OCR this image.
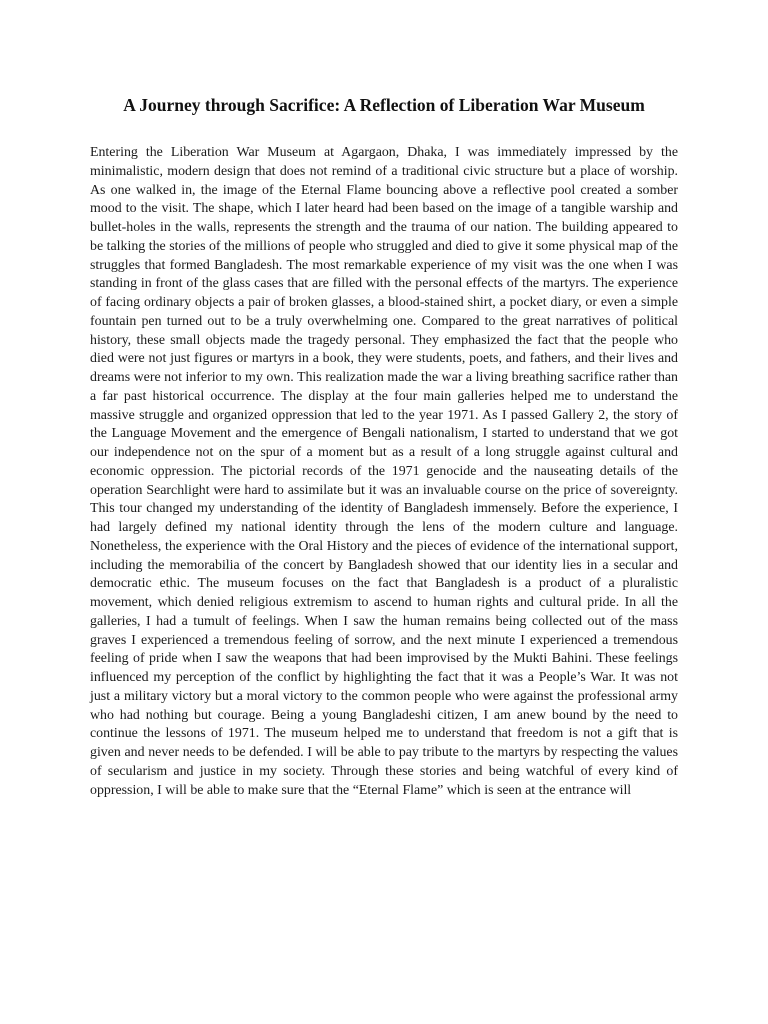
A Journey through Sacrifice: A Reflection of Liberation War Museum

Entering the Liberation War Museum at Agargaon, Dhaka, I was immediately impressed by the minimalistic, modern design that does not remind of a traditional civic structure but a place of worship. As one walked in, the image of the Eternal Flame bouncing above a reflective pool created a somber mood to the visit. The shape, which I later heard had been based on the image of a tangible warship and bullet-holes in the walls, represents the strength and the trauma of our nation. The building appeared to be talking the stories of the millions of people who struggled and died to give it some physical map of the struggles that formed Bangladesh. The most remarkable experience of my visit was the one when I was standing in front of the glass cases that are filled with the personal effects of the martyrs. The experience of facing ordinary objects a pair of broken glasses, a blood-stained shirt, a pocket diary, or even a simple fountain pen turned out to be a truly overwhelming one. Compared to the great narratives of political history, these small objects made the tragedy personal. They emphasized the fact that the people who died were not just figures or martyrs in a book, they were students, poets, and fathers, and their lives and dreams were not inferior to my own. This realization made the war a living breathing sacrifice rather than a far past historical occurrence. The display at the four main galleries helped me to understand the massive struggle and organized oppression that led to the year 1971. As I passed Gallery 2, the story of the Language Movement and the emergence of Bengali nationalism, I started to understand that we got our independence not on the spur of a moment but as a result of a long struggle against cultural and economic oppression. The pictorial records of the 1971 genocide and the nauseating details of the operation Searchlight were hard to assimilate but it was an invaluable course on the price of sovereignty. This tour changed my understanding of the identity of Bangladesh immensely. Before the experience, I had largely defined my national identity through the lens of the modern culture and language. Nonetheless, the experience with the Oral History and the pieces of evidence of the international support, including the memorabilia of the concert by Bangladesh showed that our identity lies in a secular and democratic ethic. The museum focuses on the fact that Bangladesh is a product of a pluralistic movement, which denied religious extremism to ascend to human rights and cultural pride. In all the galleries, I had a tumult of feelings. When I saw the human remains being collected out of the mass graves I experienced a tremendous feeling of sorrow, and the next minute I experienced a tremendous feeling of pride when I saw the weapons that had been improvised by the Mukti Bahini. These feelings influenced my perception of the conflict by highlighting the fact that it was a People’s War. It was not just a military victory but a moral victory to the common people who were against the professional army who had nothing but courage. Being a young Bangladeshi citizen, I am anew bound by the need to continue the lessons of 1971. The museum helped me to understand that freedom is not a gift that is given and never needs to be defended. I will be able to pay tribute to the martyrs by respecting the values of secularism and justice in my society. Through these stories and being watchful of every kind of oppression, I will be able to make sure that the “Eternal Flame” which is seen at the entrance will
